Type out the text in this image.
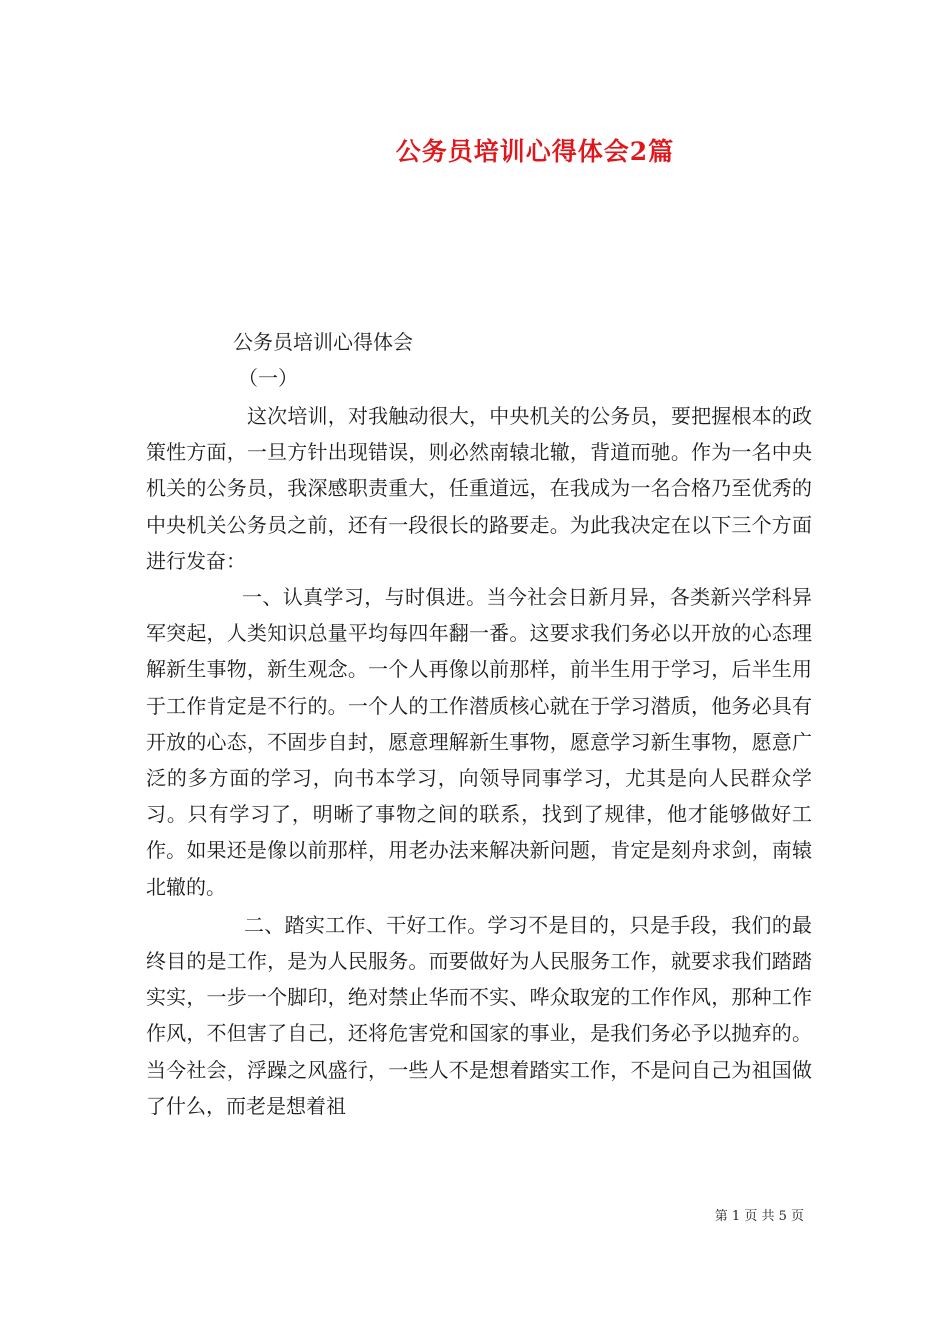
公务员培训心得体会2篇
公务员培训心得体会
（一）

这次培训，对我触动很大，中央机关的公务员，要把握根本的政策性方面，一旦方针出现错误，则必然南辕北辙，背道而驰。作为一名中央机关的公务员，我深感职责重大，任重道远，在我成为一名合格乃至优秀的中央机关公务员之前，还有一段很长的路要走。为此我决定在以下三个方面进行发奋：

一、认真学习，与时俱进。当今社会日新月异，各类新兴学科异军突起，人类知识总量平均每四年翻一番。这要求我们务必以开放的心态理解新生事物，新生观念。一个人再像以前那样，前半生用于学习，后半生用于工作肯定是不行的。一个人的工作潜质核心就在于学习潜质，他务必具有开放的心态，不固步自封，愿意理解新生事物，愿意学习新生事物，愿意广泛的多方面的学习，向书本学习，向领导同事学习，尤其是向人民群众学习。只有学习了，明晰了事物之间的联系，找到了规律，他才能够做好工作。如果还是像以前那样，用老办法来解决新问题，肯定是刻舟求剑，南辕北辙的。

二、踏实工作、干好工作。学习不是目的，只是手段，我们的最终目的是工作，是为人民服务。而要做好为人民服务工作，就要求我们踏踏实实，一步一个脚印，绝对禁止华而不实、哗众取宠的工作作风，那种工作作风，不但害了自己，还将危害党和国家的事业，是我们务必予以抛弃的。当今社会，浮躁之风盛行，一些人不是想着踏实工作，不是问自己为祖国做了什么，而老是想着祖

第 1 页 共 5 页
